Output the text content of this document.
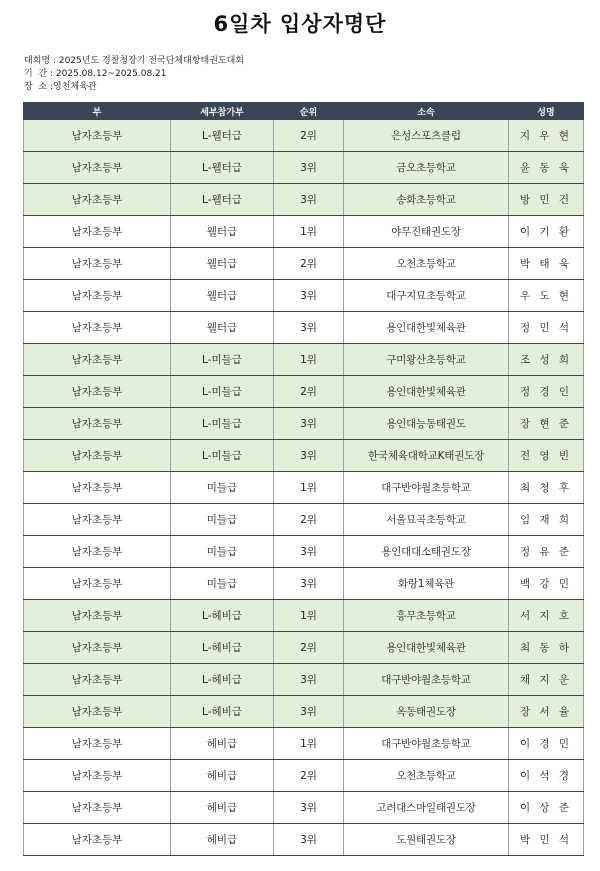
6일차 입상자명단
대회명 : 2025년도 경찰청장기 전국단체대항태권도대회
기  간 : 2025.08.12~2025.08.21
장  소 :영천체육관
부	세부참가부	순위	소속	성명
남자초등부	L-웰터급	2위	은성스포츠클럽	지 우 현
남자초등부	L-웰터급	3위	금오초등학교	윤 동 욱
남자초등부	L-웰터급	3위	송화초등학교	방 민 건
남자초등부	웰터급	1위	야무진태권도장	이 기 환
남자초등부	웰터급	2위	오천초등학교	박 태 욱
남자초등부	웰터급	3위	대구지묘초등학교	우 도 현
남자초등부	웰터급	3위	용인대한빛체육관	정 민 석
남자초등부	L-미들급	1위	구미왕산초등학교	조 성 희
남자초등부	L-미들급	2위	용인대한빛체육관	정 경 인
남자초등부	L-미들급	3위	용인대능동태권도	장 현 준
남자초등부	L-미들급	3위	한국체육대학교K태권도장	전 영 빈
남자초등부	미들급	1위	대구반야월초등학교	최 청 후
남자초등부	미들급	2위	서울묘곡초등학교	임 재 희
남자초등부	미들급	3위	용인대대소태권도장	정 유 준
남자초등부	미들급	3위	화랑1체육관	백 강 민
남자초등부	L-헤비급	1위	흥무초등학교	서 지 호
남자초등부	L-헤비급	2위	용인대한빛체육관	최 동 하
남자초등부	L-헤비급	3위	대구반야월초등학교	채 지 운
남자초등부	L-헤비급	3위	옥동태권도장	장 서 율
남자초등부	헤비급	1위	대구반야월초등학교	이 경 민
남자초등부	헤비급	2위	오천초등학교	이 석 경
남자초등부	헤비급	3위	고려대스마일태권도장	이 상 준
남자초등부	헤비급	3위	도원태권도장	박 민 석
